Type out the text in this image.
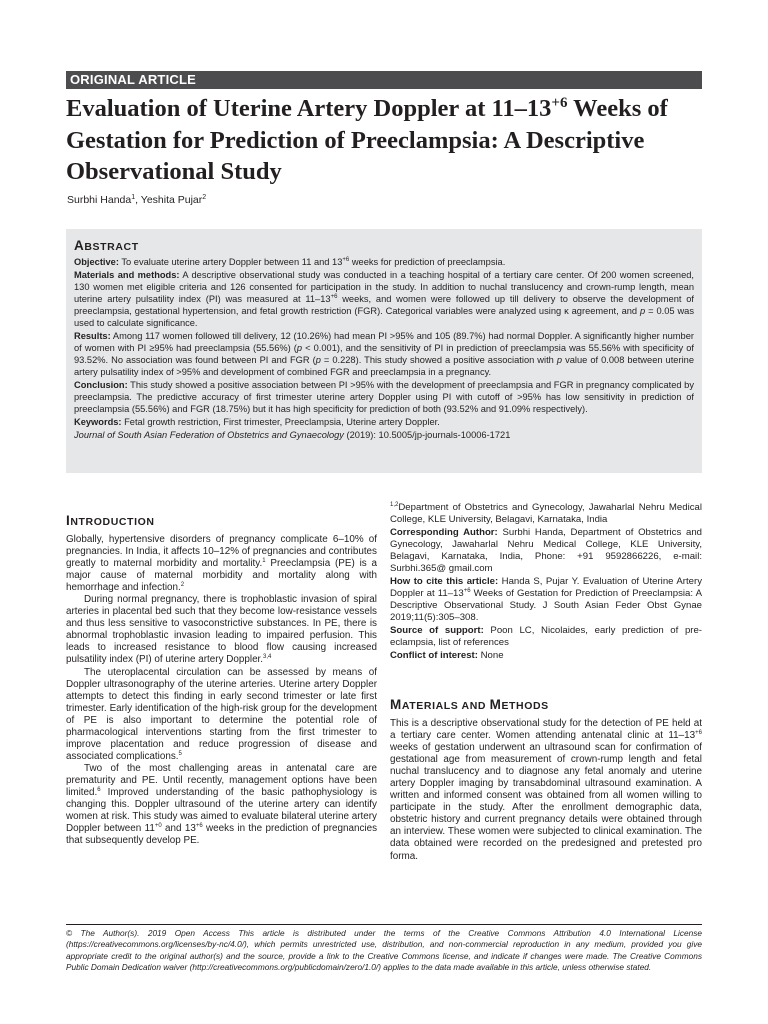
ORIGINAL ARTICLE
Evaluation of Uterine Artery Doppler at $11-13^{+6}$ Weeks of Gestation for Prediction of Preeclampsia: A Descriptive Observational Study
Surbhi Handa$^1$, Yeshita Pujar$^2$
ABSTRACT

Objective: To evaluate uterine artery Doppler between 11 and $13^{+6}$ weeks for prediction of preeclampsia.

Materials and methods: A descriptive observational study was conducted in a teaching hospital of a tertiary care center. Of 200 women screened, 130 women met eligible criteria and 126 consented for participation in the study. In addition to nuchal translucency and crown-rump length, mean uterine artery pulsatility index (PI) was measured at $11-13^{+6}$ weeks, and women were followed up till delivery to observe the development of preeclampsia, gestational hypertension, and fetal growth restriction (FGR). Categorical variables were analyzed using κ agreement, and p = 0.05 was used to calculate significance.

Results: Among 117 women followed till delivery, 12 (10.26%) had mean PI >95% and 105 (89.7%) had normal Doppler. A significantly higher number of women with PI ≥95% had preeclampsia (55.56%) (p < 0.001), and the sensitivity of PI in prediction of preeclampsia was 55.56% with specificity of 93.52%. No association was found between PI and FGR (p = 0.228). This study showed a positive association with p value of 0.008 between uterine artery pulsatility index of >95% and development of combined FGR and preeclampsia in a pregnancy.

Conclusion: This study showed a positive association between PI >95% with the development of preeclampsia and FGR in pregnancy complicated by preeclampsia. The predictive accuracy of first trimester uterine artery Doppler using PI with cutoff of >95% has low sensitivity in prediction of preeclampsia (55.56%) and FGR (18.75%) but it has high specificity for prediction of both (93.52% and 91.09% respectively).

Keywords: Fetal growth restriction, First trimester, Preeclampsia, Uterine artery Doppler.

Journal of South Asian Federation of Obstetrics and Gynaecology (2019): 10.5005/jp-journals-10006-1721

INTRODUCTION

Globally, hypertensive disorders of pregnancy complicate 6–10% of pregnancies. In India, it affects 10–12% of pregnancies and contributes greatly to maternal morbidity and mortality.$^1$ Preeclampsia (PE) is a major cause of maternal morbidity and mortality along with hemorrhage and infection.$^2$

During normal pregnancy, there is trophoblastic invasion of spiral arteries in placental bed such that they become low-resistance vessels and thus less sensitive to vasoconstrictive substances. In PE, there is abnormal trophoblastic invasion leading to impaired perfusion. This leads to increased resistance to blood flow causing increased pulsatility index (PI) of uterine artery Doppler.$^{3,4}$

The uteroplacental circulation can be assessed by means of Doppler ultrasonography of the uterine arteries. Uterine artery Doppler attempts to detect this finding in early second trimester or late first trimester. Early identification of the high-risk group for the development of PE is also important to determine the potential role of pharmacological interventions starting from the first trimester to improve placentation and reduce progression of disease and associated complications.$^5$

Two of the most challenging areas in antenatal care are prematurity and PE. Until recently, management options have been limited.$^6$ Improved understanding of the basic pathophysiology is changing this. Doppler ultrasound of the uterine artery can identify women at risk. This study was aimed to evaluate bilateral uterine artery Doppler between $11^{+0}$ and $13^{+6}$ weeks in the prediction of pregnancies that subsequently develop PE.

$^{1,2}$Department of Obstetrics and Gynecology, Jawaharlal Nehru Medical College, KLE University, Belagavi, Karnataka, India

Corresponding Author: Surbhi Handa, Department of Obstetrics and Gynecology, Jawaharlal Nehru Medical College, KLE University, Belagavi, Karnataka, India, Phone: +91 9592866226, e-mail: Surbhi.365@ gmail.com

How to cite this article: Handa S, Pujar Y. Evaluation of Uterine Artery Doppler at $11-13^{+6}$ Weeks of Gestation for Prediction of Preeclampsia: A Descriptive Observational Study. J South Asian Feder Obst Gynae 2019;11(5):305–308.

Source of support: Poon LC, Nicolaides, early prediction of pre-eclampsia, list of references

Conflict of interest: None

MATERIALS AND METHODS

This is a descriptive observational study for the detection of PE held at a tertiary care center. Women attending antenatal clinic at $11-13^{+6}$ weeks of gestation underwent an ultrasound scan for confirmation of gestational age from measurement of crown-rump length and fetal nuchal translucency and to diagnose any fetal anomaly and uterine artery Doppler imaging by transabdominal ultrasound examination. A written and informed consent was obtained from all women willing to participate in the study. After the enrollment demographic data, obstetric history and current pregnancy details were obtained through an interview. These women were subjected to clinical examination. The data obtained were recorded on the predesigned and pretested pro forma.

© The Author(s). 2019 Open Access This article is distributed under the terms of the Creative Commons Attribution 4.0 International License (https://creativecommons.org/licenses/by-nc/4.0/), which permits unrestricted use, distribution, and non-commercial reproduction in any medium, provided you give appropriate credit to the original author(s) and the source, provide a link to the Creative Commons license, and indicate if changes were made. The Creative Commons Public Domain Dedication waiver (http://creativecommons.org/publicdomain/zero/1.0/) applies to the data made available in this article, unless otherwise stated.
